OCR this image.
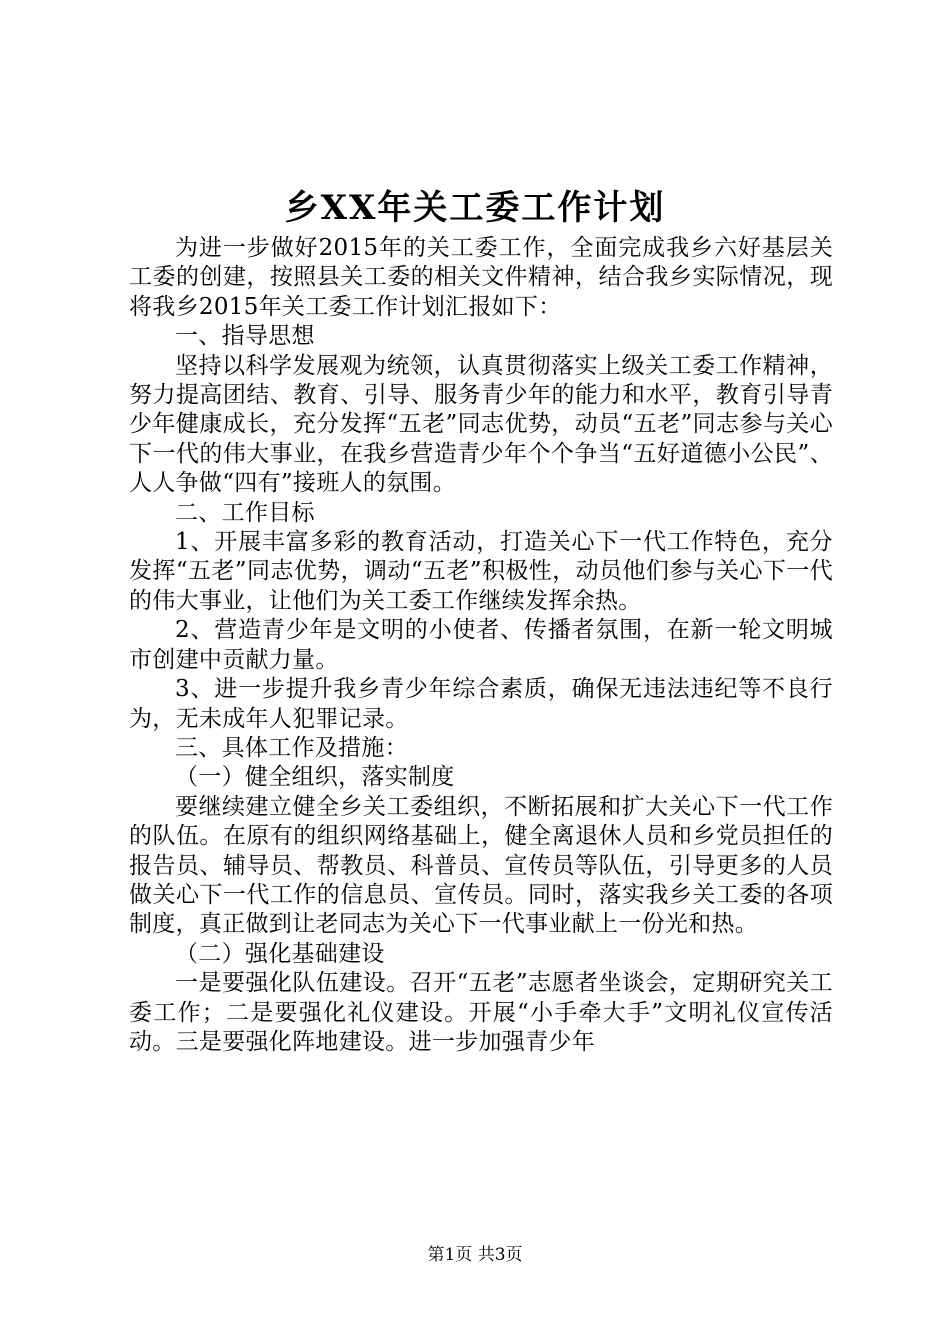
乡XX年关工委工作计划

为进一步做好2015年的关工委工作，全面完成我乡六好基层关工委的创建，按照县关工委的相关文件精神，结合我乡实际情况，现将我乡2015年关工委工作计划汇报如下：

一、指导思想

坚持以科学发展观为统领，认真贯彻落实上级关工委工作精神，努力提高团结、教育、引导、服务青少年的能力和水平，教育引导青少年健康成长，充分发挥“五老”同志优势，动员“五老”同志参与关心下一代的伟大事业，在我乡营造青少年个个争当“五好道德小公民”、人人争做“四有”接班人的氛围。

二、工作目标

1、开展丰富多彩的教育活动，打造关心下一代工作特色，充分发挥“五老”同志优势，调动“五老”积极性，动员他们参与关心下一代的伟大事业，让他们为关工委工作继续发挥余热。

2、营造青少年是文明的小使者、传播者氛围，在新一轮文明城市创建中贡献力量。

3、进一步提升我乡青少年综合素质，确保无违法违纪等不良行为，无未成年人犯罪记录。

三、具体工作及措施：

（一）健全组织，落实制度

要继续建立健全乡关工委组织，不断拓展和扩大关心下一代工作的队伍。在原有的组织网络基础上，健全离退休人员和乡党员担任的报告员、辅导员、帮教员、科普员、宣传员等队伍，引导更多的人员做关心下一代工作的信息员、宣传员。同时，落实我乡关工委的各项制度，真正做到让老同志为关心下一代事业献上一份光和热。

（二）强化基础建设

一是要强化队伍建设。召开“五老”志愿者坐谈会，定期研究关工委工作；二是要强化礼仪建设。开展“小手牵大手”文明礼仪宣传活动。三是要强化阵地建设。进一步加强青少年

第1页 共3页
